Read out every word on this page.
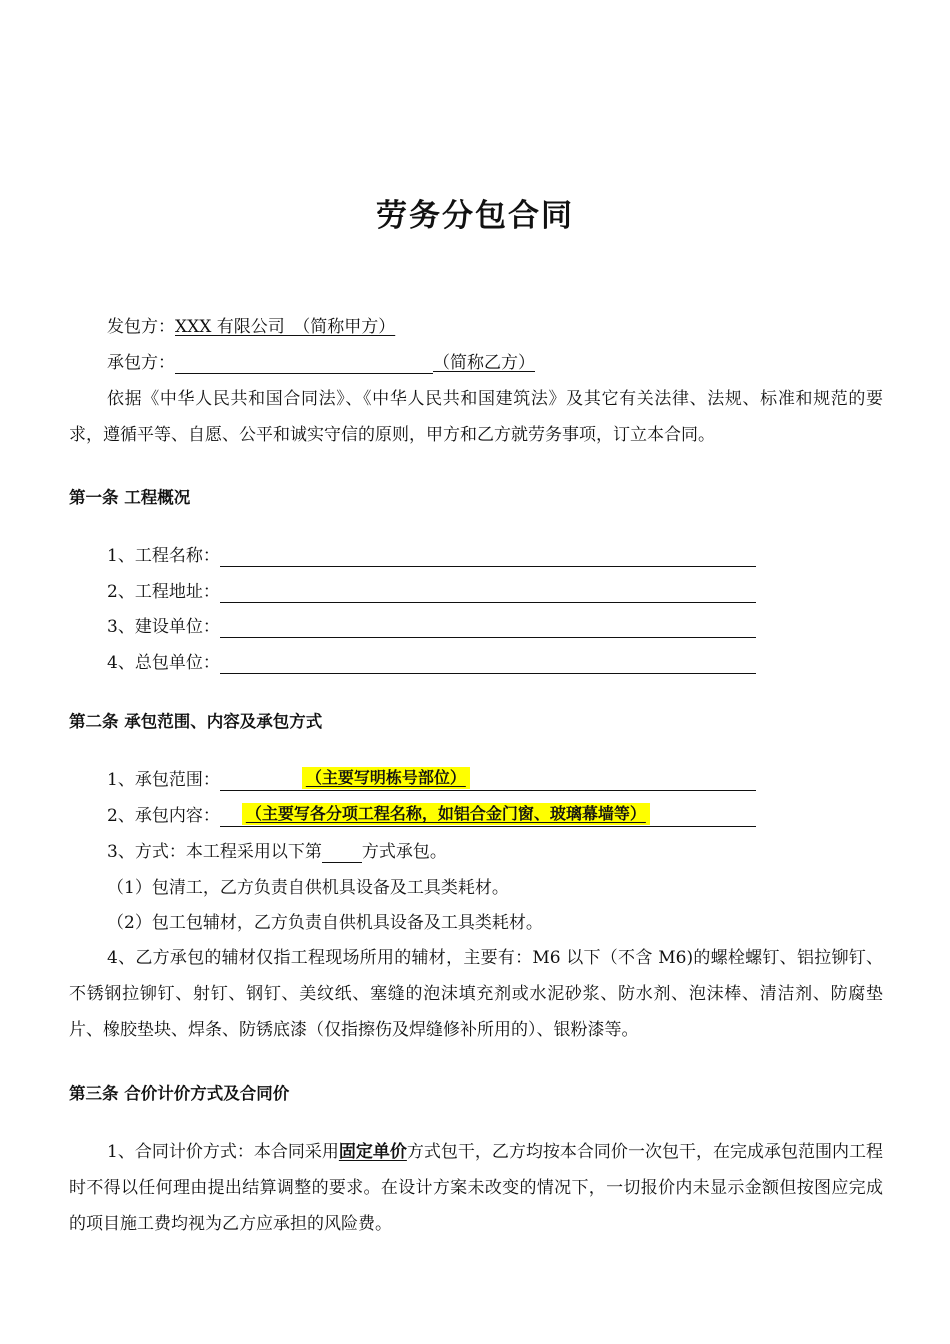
劳务分包合同
发包方：XXX 有限公司　（简称甲方）
承包方：	（简称乙方）
依据《中华人民共和国合同法》、《中华人民共和国建筑法》及其它有关法律、法规、标准和规范的要求，遵循平等、自愿、公平和诚实守信的原则，甲方和乙方就劳务事项，订立本合同。
第一条 工程概况
1、工程名称：
2、工程地址：
3、建设单位：
4、总包单位：
第二条 承包范围、内容及承包方式
1、承包范围：	（主要写明栋号部位）
2、承包内容： （主要写各分项工程名称，如铝合金门窗、玻璃幕墙等）
3、方式：本工程采用以下第 方式承包。
（1）包清工，乙方负责自供机具设备及工具类耗材。
（2）包工包辅材，乙方负责自供机具设备及工具类耗材。
4、乙方承包的辅材仅指工程现场所用的辅材，主要有：M6 以下（不含 M6)的螺栓螺钉、铝拉铆钉、不锈钢拉铆钉、射钉、钢钉、美纹纸、塞缝的泡沫填充剂或水泥砂浆、防水剂、泡沫棒、清洁剂、防腐垫片、橡胶垫块、焊条、防锈底漆（仅指擦伤及焊缝修补所用的）、银粉漆等。
第三条 合价计价方式及合同价
1、合同计价方式：本合同采用固定单价方式包干，乙方均按本合同价一次包干，在完成承包范围内工程时不得以任何理由提出结算调整的要求。在设计方案未改变的情况下，一切报价内未显示金额但按图应完成的项目施工费均视为乙方应承担的风险费。
